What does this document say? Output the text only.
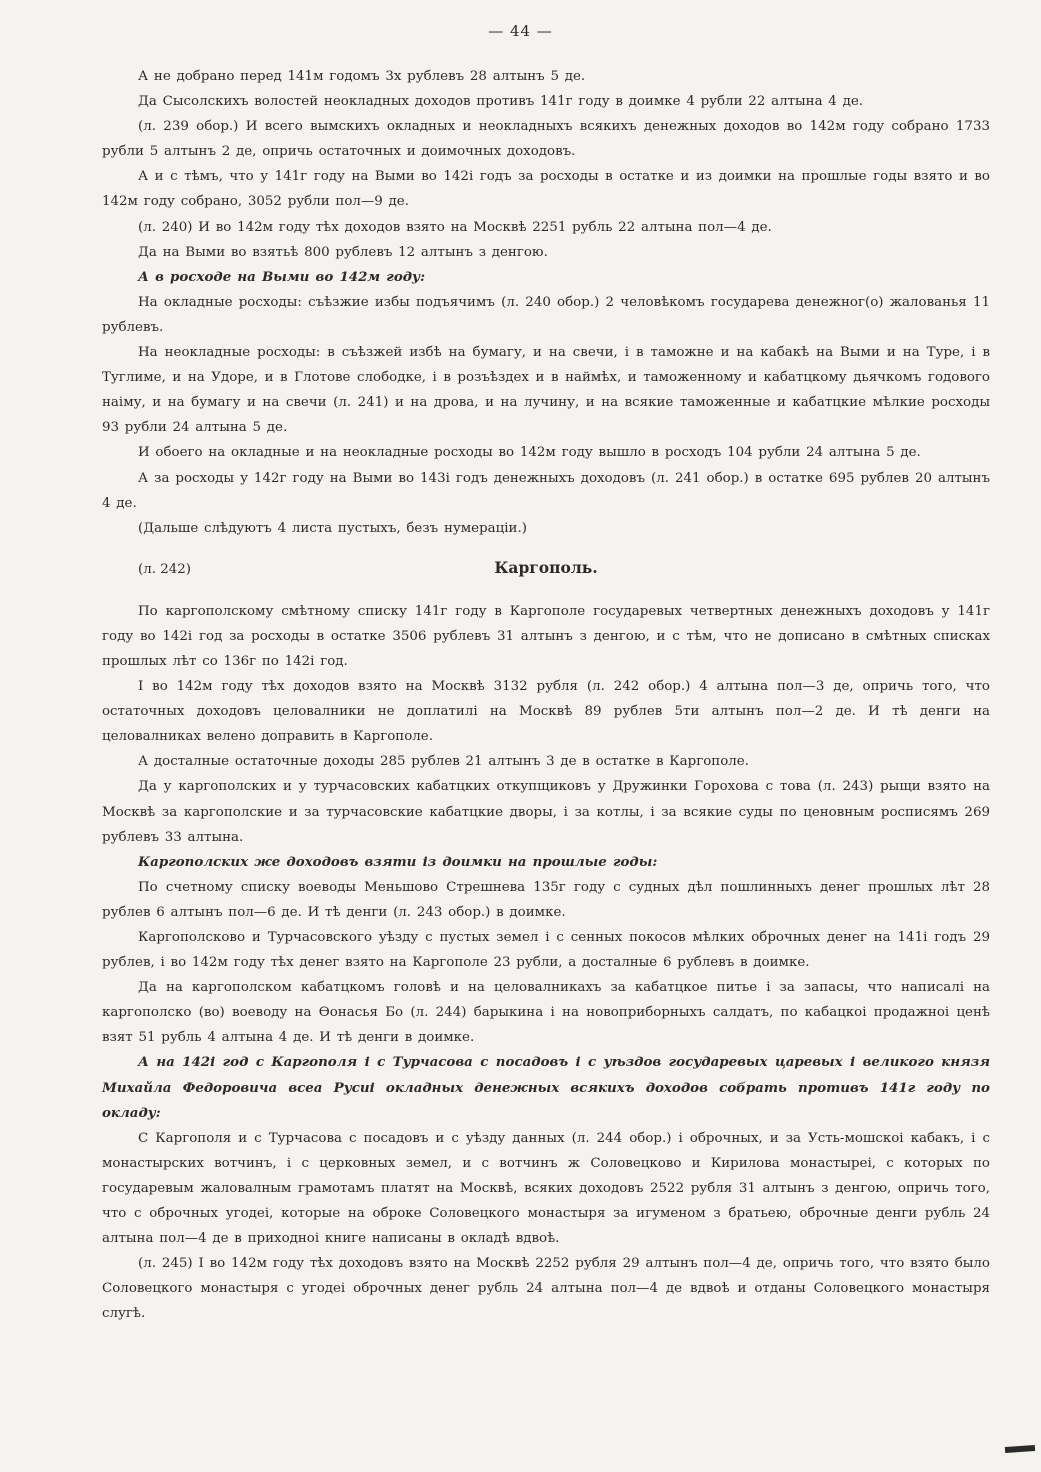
— 44 —

А не добрано перед 141м годомъ 3х рублевъ 28 алтынъ 5 де.

Да Сысолскихъ волостей неокладных доходов противъ 141г году в доимке 4 рубли 22 алтына 4 де.

(л. 239 обор.) И всего вымскихъ окладных и неокладныхъ всякихъ денежных доходов во 142м году собрано 1733 рубли 5 алтынъ 2 де, опричь остаточных и доимочных доходовъ.

А и с тѣмъ, что у 141г году на Выми во 142і годъ за росходы в остатке и из доимки на прошлые годы взято и во 142м году собрано, 3052 рубли пол—9 де.

(л. 240) И во 142м году тѣх доходов взято на Москвѣ 2251 рубль 22 алтына пол—4 де.

Да на Выми во взятьѣ 800 рублевъ 12 алтынъ з денгою.

А в росходе на Выми во 142м году:

На окладные росходы: съѣзжие избы подъячимъ (л. 240 обор.) 2 человѣкомъ государева денежног(о) жалованья 11 рублевъ.

На неокладные росходы: в съѣзжей избѣ на бумагу, и на свечи, і в таможне и на кабакѣ на Выми и на Туре, і в Туглиме, и на Удоре, и в Глотове слободке, і в розъѣздех и в наймѣх, и таможенному и кабатцкому дьячкомъ годового наіму, и на бумагу и на свечи (л. 241) и на дрова, и на лучину, и на всякие таможенные и кабатцкие мѣлкие росходы 93 рубли 24 алтына 5 де.

И обоего на окладные и на неокладные росходы во 142м году вышло в росходъ 104 рубли 24 алтына 5 де.

А за росходы у 142г году на Выми во 143і годъ денежныхъ доходовъ (л. 241 обор.) в остатке 695 рублев 20 алтынъ 4 де.

(Дальше слѣдуютъ 4 листа пустыхъ, безъ нумераціи.)

(л. 242)	Каргополь.

По каргополскому смѣтному списку 141г году в Каргополе государевых четвертных денежныхъ доходовъ у 141г году во 142і год за росходы в остатке 3506 рублевъ 31 алтынъ з денгою, и с тѣм, что не дописано в смѣтных списках прошлых лѣт со 136г по 142і год.

І во 142м году тѣх доходов взято на Москвѣ 3132 рубля (л. 242 обор.) 4 алтына пол—3 де, опричь того, что остаточных доходовъ целовалники не доплатилі на Москвѣ 89 рублев 5ти алтынъ пол—2 де. И тѣ денги на целовалниках велено доправить в Каргополе.

А досталные остаточные доходы 285 рублев 21 алтынъ 3 де в остатке в Каргополе.

Да у каргополских и у турчасовских кабатцких откупщиковъ у Дружинки Горохова с това (л. 243) рыщи взято на Москвѣ за каргополские и за турчасовские кабатцкие дворы, і за котлы, і за всякие суды по ценовным росписямъ 269 рублевъ 33 алтына.

Каргополских же доходовъ взяти із доимки на прошлые годы:

По счетному списку воеводы Меньшово Стрешнева 135г году с судных дѣл пошлинныхъ денег прошлых лѣт 28 рублев 6 алтынъ пол—6 де. И тѣ денги (л. 243 обор.) в доимке.

Каргополсково и Турчасовского уѣзду с пустых земел і с сенных покосов мѣлких оброчных денег на 141і годъ 29 рублев, і во 142м году тѣх денег взято на Каргополе 23 рубли, а досталные 6 рублевъ в доимке.

Да на каргополском кабатцкомъ головѣ и на целовалникахъ за кабатцкое питье і за запасы, что написалі на каргополско (во) воеводу на Ѳонасья Бо (л. 244) барыкина і на новоприборныхъ салдатъ, по кабацкоі продажноі ценѣ взят 51 рубль 4 алтына 4 де. И тѣ денги в доимке.

А на 142і год с Каргополя і с Турчасова с посадовъ і с уѣздов государевых царевых і великого князя Михайла Федоровича всеа Русиі окладных денежных всякихъ доходов собрать противъ 141г году по окладу:

С Каргополя и с Турчасова с посадовъ и с уѣзду данных (л. 244 обор.) і оброчных, и за Усть-мошскоі кабакъ, і с монастырских вотчинъ, і с церковных земел, и с вотчинъ ж Соловецково и Кирилова монастыреі, с которых по государевым жаловалным грамотамъ платят на Москвѣ, всяких доходовъ 2522 рубля 31 алтынъ з денгою, опричь того, что с оброчных угодеі, которые на оброке Соловецкого монастыря за игуменом з братьею, оброчные денги рубль 24 алтына пол—4 де в приходноі книге написаны в окладѣ вдвоѣ.

(л. 245) І во 142м году тѣх доходовъ взято на Москвѣ 2252 рубля 29 алтынъ пол—4 де, опричь того, что взято было Соловецкого монастыря с угодеі оброчных денег рубль 24 алтына пол—4 де вдвоѣ и отданы Соловецкого монастыря слугѣ.
